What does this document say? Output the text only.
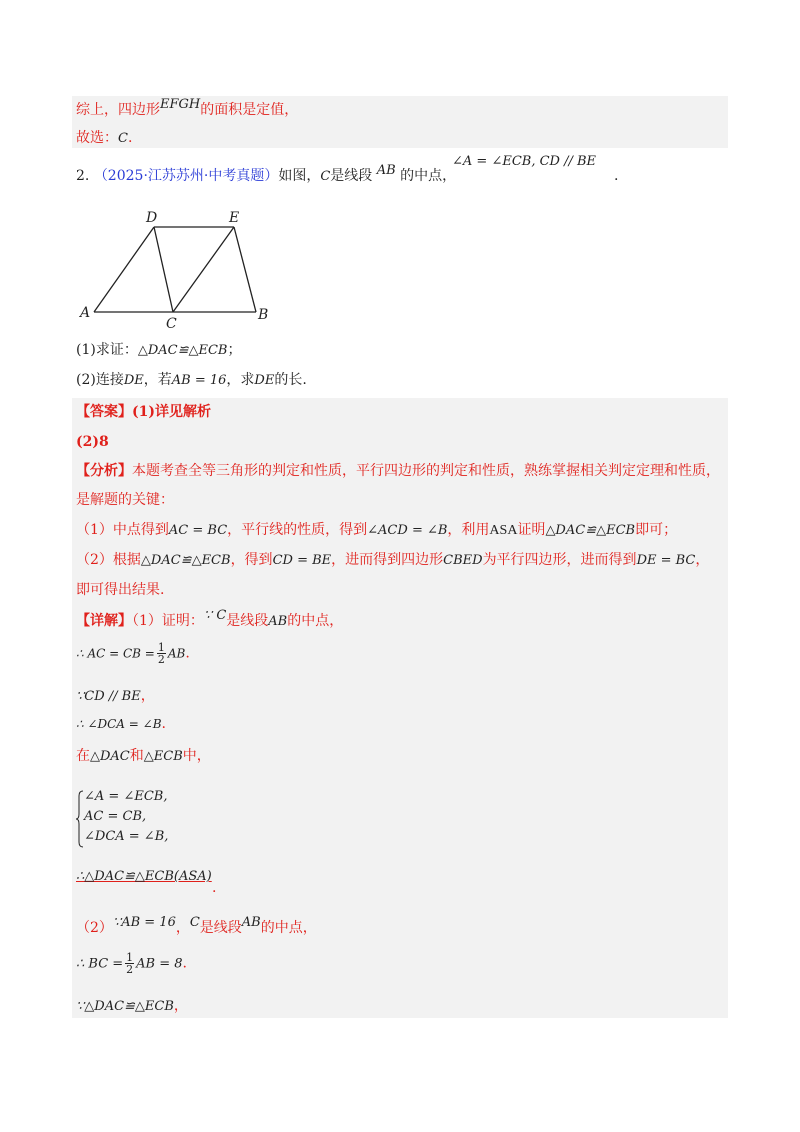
综上，四边形EFGH的面积是定值，
故选：C.
2. （2025·江苏苏州·中考真题）如图，C是线段 AB 的中点，
∠A = ∠ECB, CD // BE
.
A	B
C
D	E
(1)求证：△DAC≌△ECB；
(2)连接DE，若AB = 16，求DE的长.
【答案】(1)详见解析
(2)8
【分析】本题考查全等三角形的判定和性质，平行四边形的判定和性质，熟练掌握相关判定定理和性质，
是解题的关键：
（1）中点得到AC = BC，平行线的性质，得到∠ACD = ∠B，利用ASA证明△DAC≌△ECB即可；
（2）根据△DAC≌△ECB，得到CD = BE，进而得到四边形CBED为平行四边形，进而得到DE = BC，
即可得出结果.
【详解】（1）证明：∵ C是线段AB的中点，
∴ AC = CB = $\frac{1}{2}$ AB.
∵CD // BE，
∴ ∠DCA = ∠B.
在△DAC和△ECB中，
∠A = ∠ECB,
AC = CB,
∠DCA = ∠B,
∴△DAC≌△ECB(ASA)
.
（2）∵AB = 16，C是线段AB的中点，
∴ BC = $\frac{1}{2}$ AB = 8.
∵△DAC≌△ECB，
